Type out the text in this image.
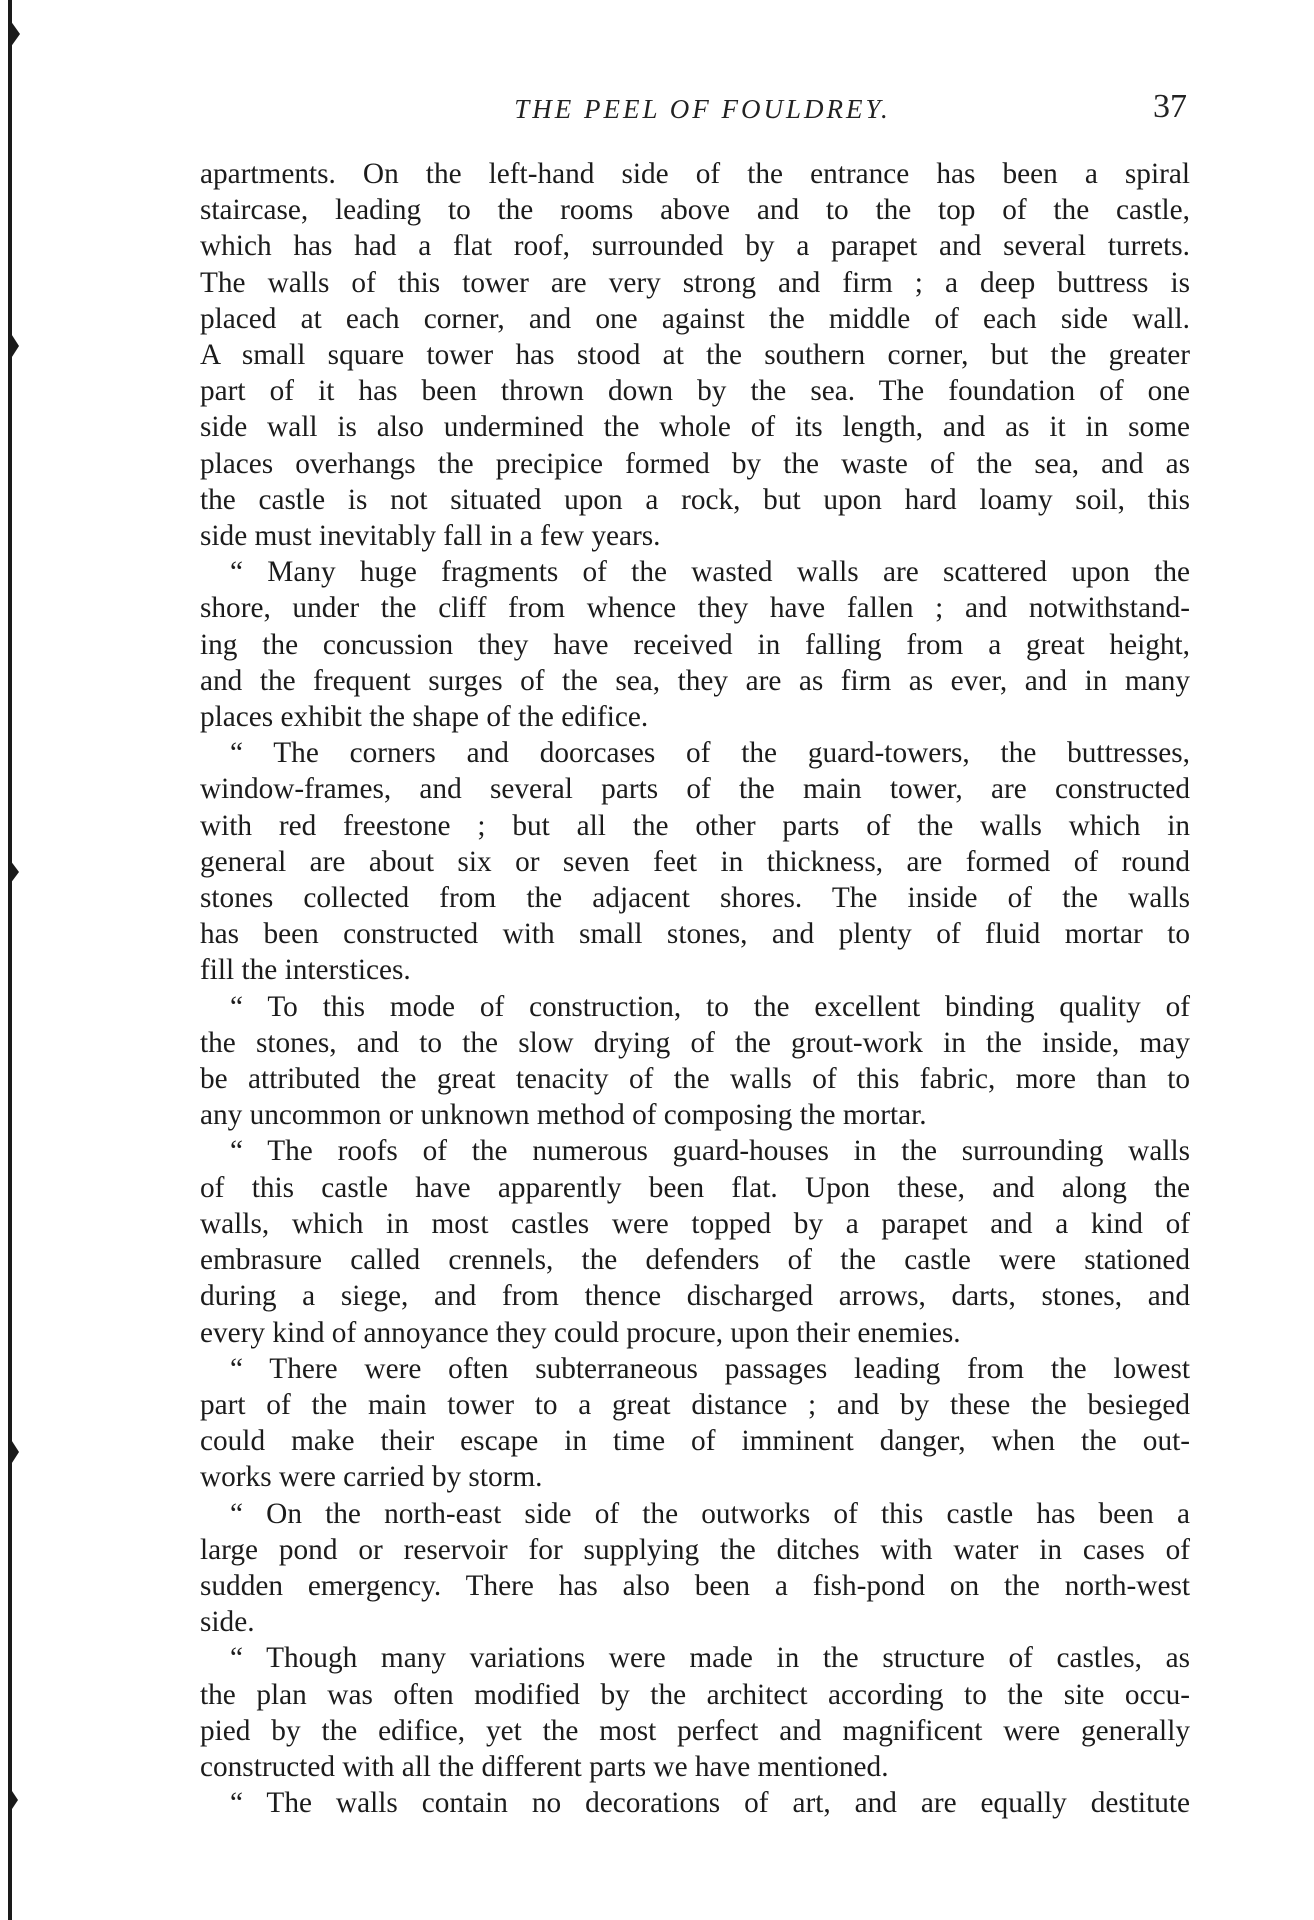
THE PEEL OF FOULDREY.	37
apartments. On the left-hand side of the entrance has been a spiral
staircase, leading to the rooms above and to the top of the castle,
which has had a flat roof, surrounded by a parapet and several turrets.
The walls of this tower are very strong and firm ; a deep buttress is
placed at each corner, and one against the middle of each side wall.
A small square tower has stood at the southern corner, but the greater
part of it has been thrown down by the sea. The foundation of one
side wall is also undermined the whole of its length, and as it in some
places overhangs the precipice formed by the waste of the sea, and as
the castle is not situated upon a rock, but upon hard loamy soil, this
side must inevitably fall in a few years.
“ Many huge fragments of the wasted walls are scattered upon the
shore, under the cliff from whence they have fallen ; and notwithstand-
ing the concussion they have received in falling from a great height,
and the frequent surges of the sea, they are as firm as ever, and in many
places exhibit the shape of the edifice.
“ The corners and doorcases of the guard-towers, the buttresses,
window-frames, and several parts of the main tower, are constructed
with red freestone ; but all the other parts of the walls which in
general are about six or seven feet in thickness, are formed of round
stones collected from the adjacent shores. The inside of the walls
has been constructed with small stones, and plenty of fluid mortar to
fill the interstices.
“ To this mode of construction, to the excellent binding quality of
the stones, and to the slow drying of the grout-work in the inside, may
be attributed the great tenacity of the walls of this fabric, more than to
any uncommon or unknown method of composing the mortar.
“ The roofs of the numerous guard-houses in the surrounding walls
of this castle have apparently been flat. Upon these, and along the
walls, which in most castles were topped by a parapet and a kind of
embrasure called crennels, the defenders of the castle were stationed
during a siege, and from thence discharged arrows, darts, stones, and
every kind of annoyance they could procure, upon their enemies.
“ There were often subterraneous passages leading from the lowest
part of the main tower to a great distance ; and by these the besieged
could make their escape in time of imminent danger, when the out-
works were carried by storm.
“ On the north-east side of the outworks of this castle has been a
large pond or reservoir for supplying the ditches with water in cases of
sudden emergency. There has also been a fish-pond on the north-west
side.
“ Though many variations were made in the structure of castles, as
the plan was often modified by the architect according to the site occu-
pied by the edifice, yet the most perfect and magnificent were generally
constructed with all the different parts we have mentioned.
“ The walls contain no decorations of art, and are equally destitute
